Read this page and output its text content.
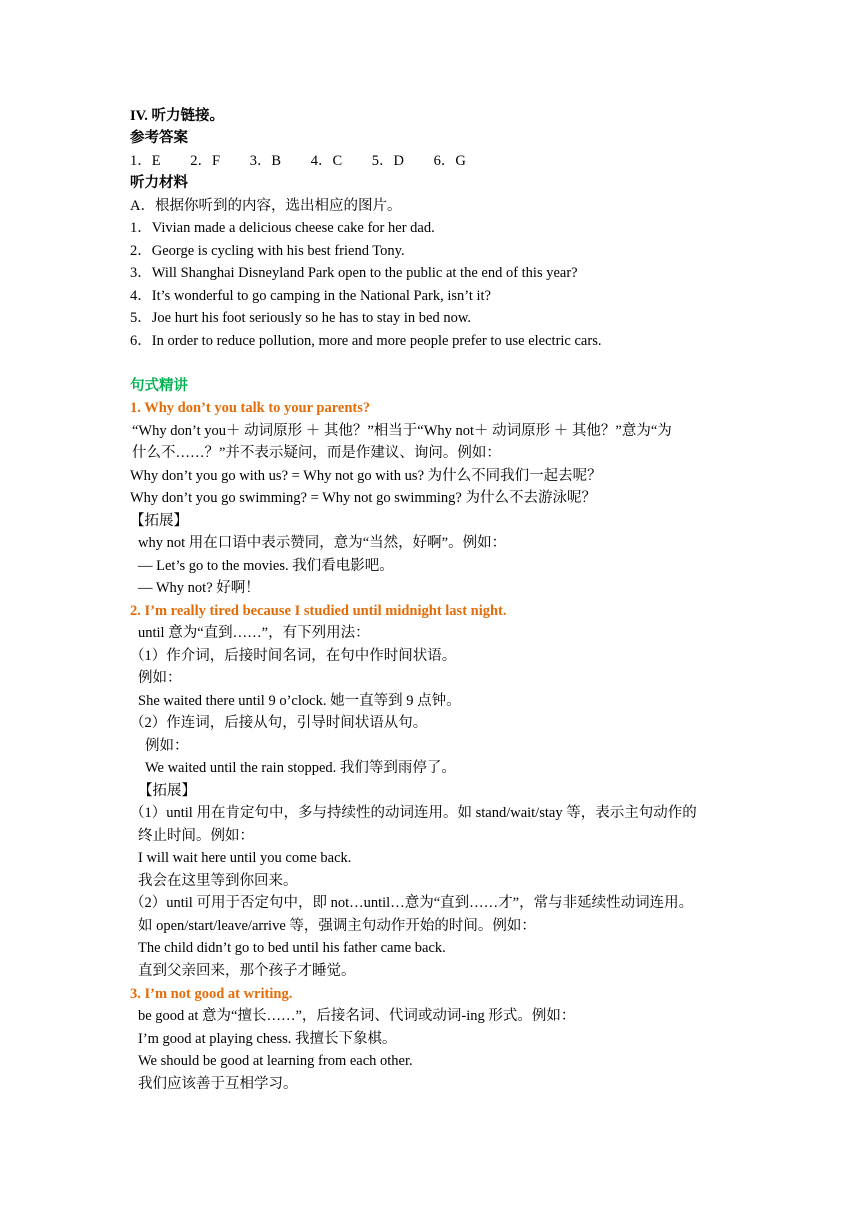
IV. 听力链接。
参考答案
1．E 2．F 3．B 4．C 5．D 6．G
听力材料
A．根据你听到的内容，选出相应的图片。
1．Vivian made a delicious cheese cake for her dad.
2．George is cycling with his best friend Tony.
3．Will Shanghai Disneyland Park open to the public at the end of this year?
4．It’s wonderful to go camping in the National Park, isn’t it?
5．Joe hurt his foot seriously so he has to stay in bed now.
6．In order to reduce pollution, more and more people prefer to use electric cars.
句式精讲
1. Why don’t you talk to your parents?
“Why don’t you＋ 动词原形 ＋ 其他？”相当于“Why not＋ 动词原形 ＋ 其他？”意为“为
什么不……？”并不表示疑问，而是作建议、询问。例如：
Why don’t you go with us? = Why not go with us? 为什么不同我们一起去呢？
Why don’t you go swimming? = Why not go swimming? 为什么不去游泳呢？
【拓展】
why not 用在口语中表示赞同，意为“当然，好啊”。例如：
— Let’s go to the movies. 我们看电影吧。
— Why not? 好啊！
2. I’m really tired because I studied until midnight last night.
until 意为“直到……”，有下列用法：
（1）作介词，后接时间名词，在句中作时间状语。
例如：
She waited there until 9 o’clock. 她一直等到 9 点钟。
（2）作连词，后接从句，引导时间状语从句。
例如：
We waited until the rain stopped. 我们等到雨停了。
【拓展】
（1）until 用在肯定句中，多与持续性的动词连用。如 stand/wait/stay 等，表示主句动作的
终止时间。例如：
I will wait here until you come back.
我会在这里等到你回来。
（2）until 可用于否定句中，即 not…until…意为“直到……才”，常与非延续性动词连用。
如 open/start/leave/arrive 等，强调主句动作开始的时间。例如：
The child didn’t go to bed until his father came back.
直到父亲回来，那个孩子才睡觉。
3. I’m not good at writing.
be good at 意为“擅长……”，后接名词、代词或动词-ing 形式。例如：
I’m good at playing chess. 我擅长下象棋。
We should be good at learning from each other.
我们应该善于互相学习。
